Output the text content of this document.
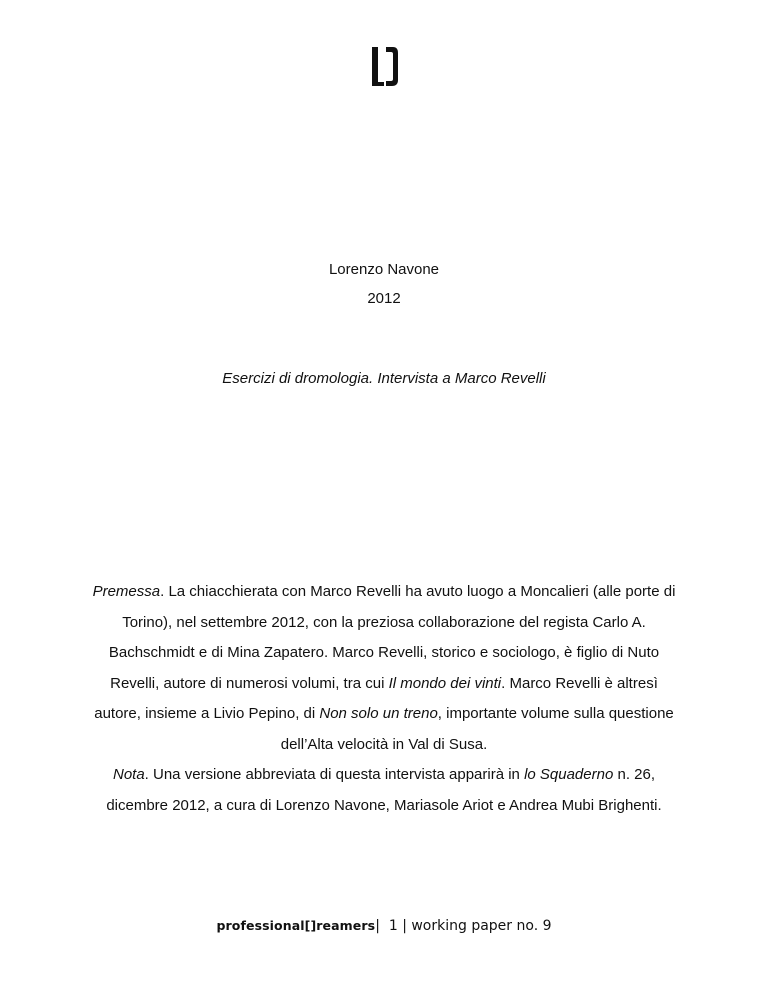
Lorenzo Navone
2012
Esercizi di dromologia. Intervista a Marco Revelli
Premessa. La chiacchierata con Marco Revelli ha avuto luogo a Moncalieri (alle porte di
Torino), nel settembre 2012, con la preziosa collaborazione del regista Carlo A.
Bachschmidt e di Mina Zapatero. Marco Revelli, storico e sociologo, è figlio di Nuto
Revelli, autore di numerosi volumi, tra cui Il mondo dei vinti. Marco Revelli è altresì
autore, insieme a Livio Pepino, di Non solo un treno, importante volume sulla questione
dell’Alta velocità in Val di Susa.
Nota. Una versione abbreviata di questa intervista apparirà in lo Squaderno n. 26,
dicembre 2012, a cura di Lorenzo Navone, Mariasole Ariot e Andrea Mubi Brighenti.
professional[]reamers| 1 | working paper no. 9
